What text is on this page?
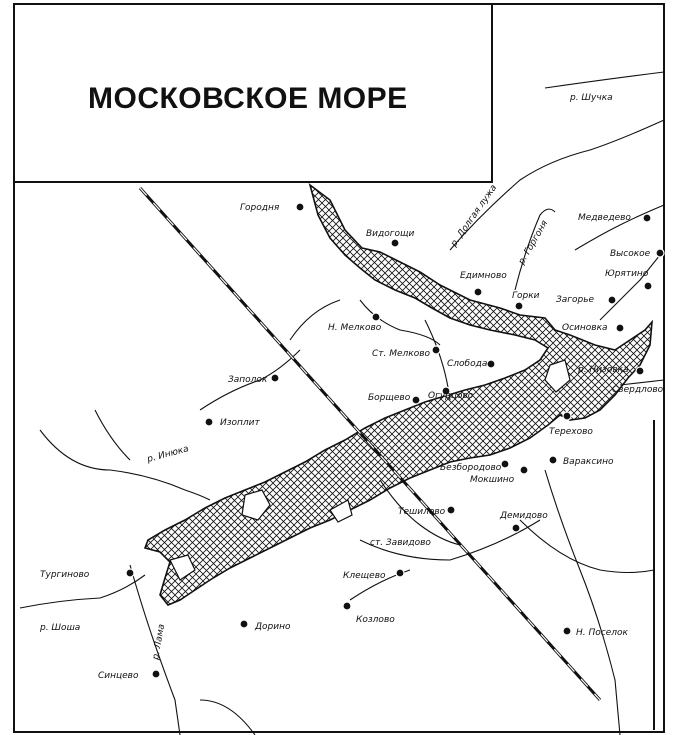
МОСКОВСКОЕ МОРЕ	р. Шучка
р. Долгая лужа р. Горгоня
р. Низовка
р. Инюка
р. Шоша	р. Лама
Городня
Видогощи
Едимново
Горки
Медведево
Высокое
Юрятино
Загорье
Осиновка
Н. Мелково
Ст. Мелково
Слобода
Заполок
Борщево Огурцово
Свердлово
Изоплит
Терехово
Безбородово
Вараксино
Мокшино
Тешилово	Демидово
ст. Завидово
Тургиново	Клещево
Козлово
Дорино
Н. Поселок
Синцево
